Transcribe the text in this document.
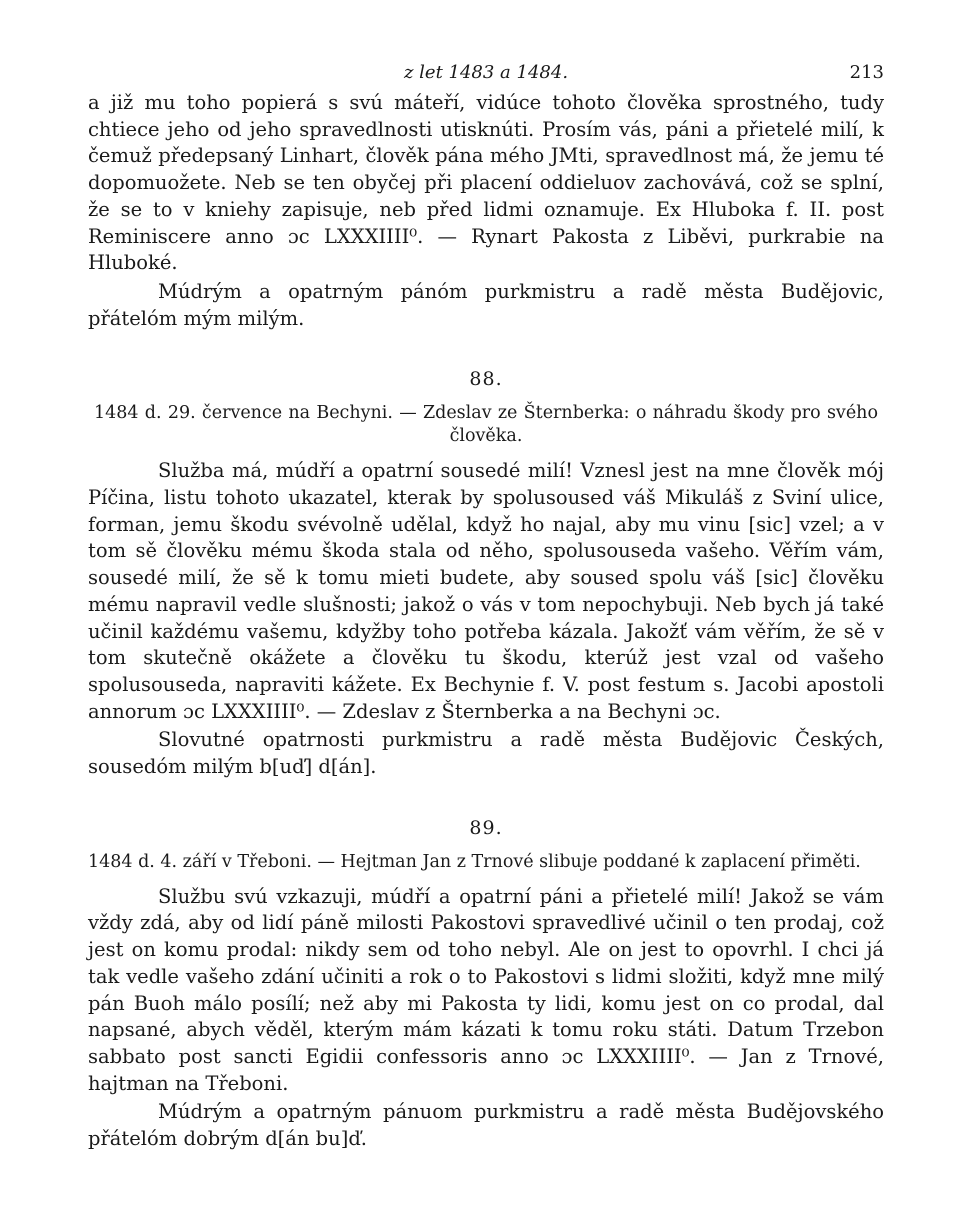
z let 1483 a 1484.	213

a již mu toho popierá s svú máteří, vidúce tohoto člověka sprostného, tudy chtiece jeho od jeho spravedlnosti utisknúti. Prosím vás, páni a přietelé milí, k čemuž předepsaný Linhart, člověk pána mého JMti, spravedlnost má, že jemu té dopomuožete. Neb se ten obyčej při placení oddieluov zachovává, což se splní, že se to v kniehy zapisuje, neb před lidmi oznamuje. Ex Hluboka f. II. post Reminiscere anno ɔc LXXXIIII⁰. — Rynart Pakosta z Liběvi, purkrabie na Hluboké.

Múdrým a opatrným pánóm purkmistru a radě města Budějovic, přátelóm mým milým.

88.
1484 d. 29. července na Bechyni. — Zdeslav ze Šternberka: o náhradu škody pro svého člověka.

Služba má, múdří a opatrní sousedé milí! Vznesl jest na mne člověk mój Píčina, listu tohoto ukazatel, kterak by spolusoused váš Mikuláš z Sviní ulice, forman, jemu škodu svévolně udělal, když ho najal, aby mu vinu [sic] vzel; a v tom sě člověku mému škoda stala od něho, spolusouseda vašeho. Věřím vám, sousedé milí, že sě k tomu mieti budete, aby soused spolu váš [sic] člověku mému napravil vedle slušnosti; jakož o vás v tom nepochybuji. Neb bych já také učinil každému vašemu, kdyžby toho potřeba kázala. Jakožť vám věřím, že sě v tom skutečně okážete a člověku tu škodu, kterúž jest vzal od vašeho spolusouseda, napraviti kážete. Ex Bechynie f. V. post festum s. Jacobi apostoli annorum ɔc LXXXIIII⁰. — Zdeslav z Šternberka a na Bechyni ɔc.

Slovutné opatrnosti purkmistru a radě města Budějovic Českých, sousedóm milým b[uď] d[án].

89.
1484 d. 4. září v Třeboni. — Hejtman Jan z Trnové slibuje poddané k zaplacení přiměti.

Službu svú vzkazuji, múdří a opatrní páni a přietelé milí! Jakož se vám vždy zdá, aby od lidí páně milosti Pakostovi spravedlivé učinil o ten prodaj, což jest on komu prodal: nikdy sem od toho nebyl. Ale on jest to opovrhl. I chci já tak vedle vašeho zdání učiniti a rok o to Pakostovi s lidmi složiti, když mne milý pán Buoh málo posílí; než aby mi Pakosta ty lidi, komu jest on co prodal, dal napsané, abych věděl, kterým mám kázati k tomu roku státi. Datum Trzebon sabbato post sancti Egidii confessoris anno ɔc LXXXIIII⁰. — Jan z Trnové, hajtman na Třeboni.

Múdrým a opatrným pánuom purkmistru a radě města Budějovského přátelóm dobrým d[án bu]ď.
